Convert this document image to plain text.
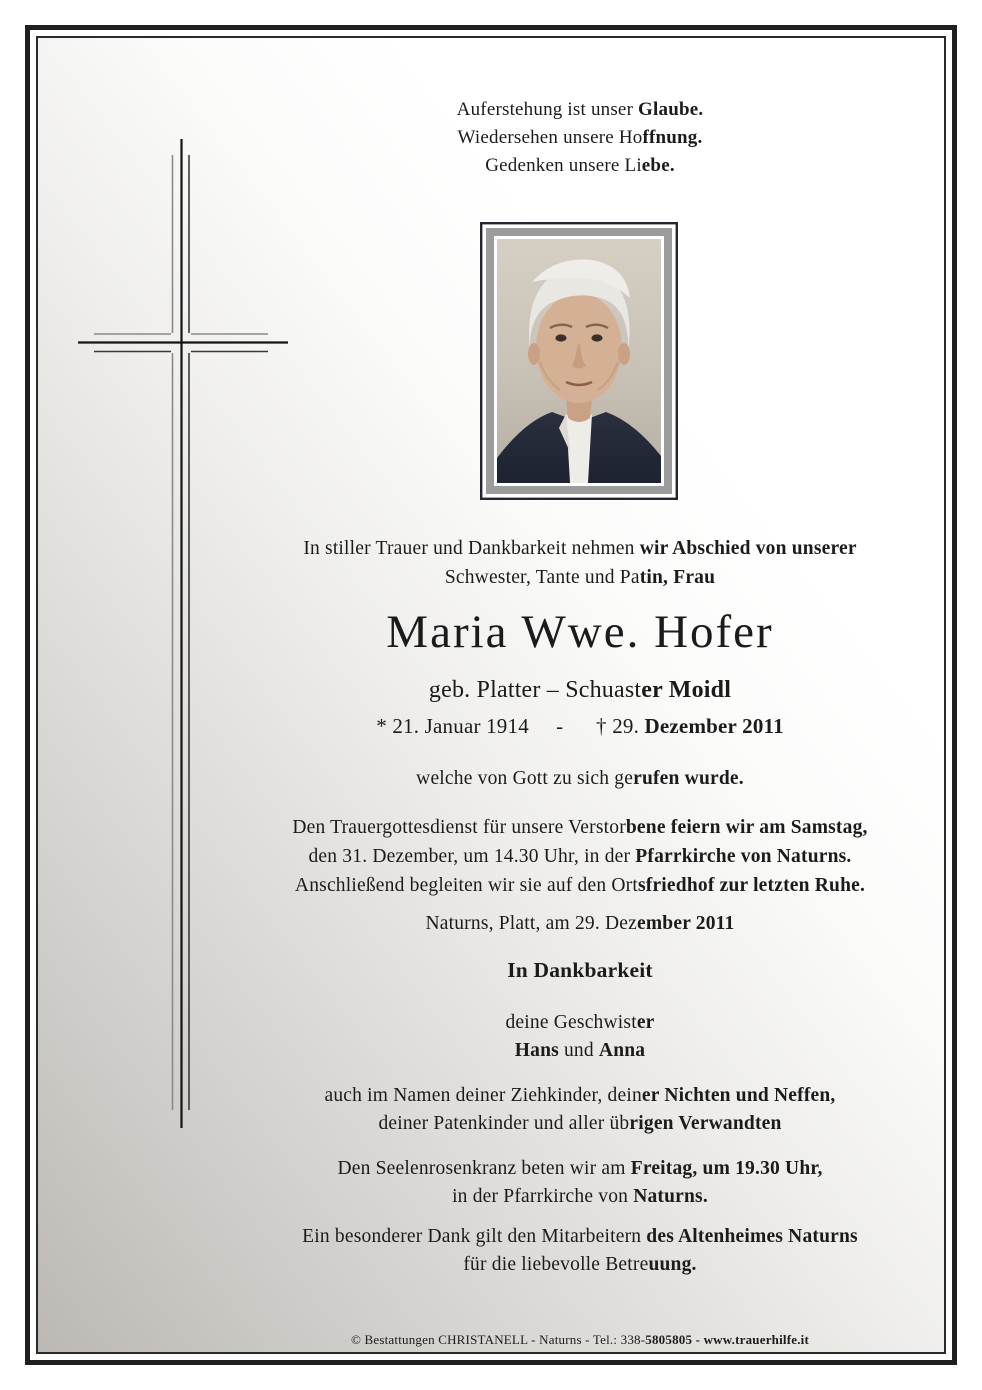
Auferstehung ist unser Glaube.
Wiedersehen unsere Hoffnung.
Gedenken unsere Liebe.
In stiller Trauer und Dankbarkeit nehmen wir Abschied von unserer
Schwester, Tante und Patin, Frau
Maria Wwe. Hofer
geb. Platter – Schuaster Moidl
* 21. Januar 1914     -      † 29. Dezember 2011
welche von Gott zu sich gerufen wurde.
Den Trauergottesdienst für unsere Verstorbene feiern wir am Samstag,
den 31. Dezember, um 14.30 Uhr, in der Pfarrkirche von Naturns.
Anschließend begleiten wir sie auf den Ortsfriedhof zur letzten Ruhe.
Naturns, Platt, am 29. Dezember 2011
In Dankbarkeit
deine Geschwister
Hans und Anna
auch im Namen deiner Ziehkinder, deiner Nichten und Neffen,
deiner Patenkinder und aller übrigen Verwandten
Den Seelenrosenkranz beten wir am Freitag, um 19.30 Uhr,
in der Pfarrkirche von Naturns.
Ein besonderer Dank gilt den Mitarbeitern des Altenheimes Naturns
für die liebevolle Betreuung.
© Bestattungen CHRISTANELL - Naturns - Tel.: 338-5805805 - www.trauerhilfe.it
